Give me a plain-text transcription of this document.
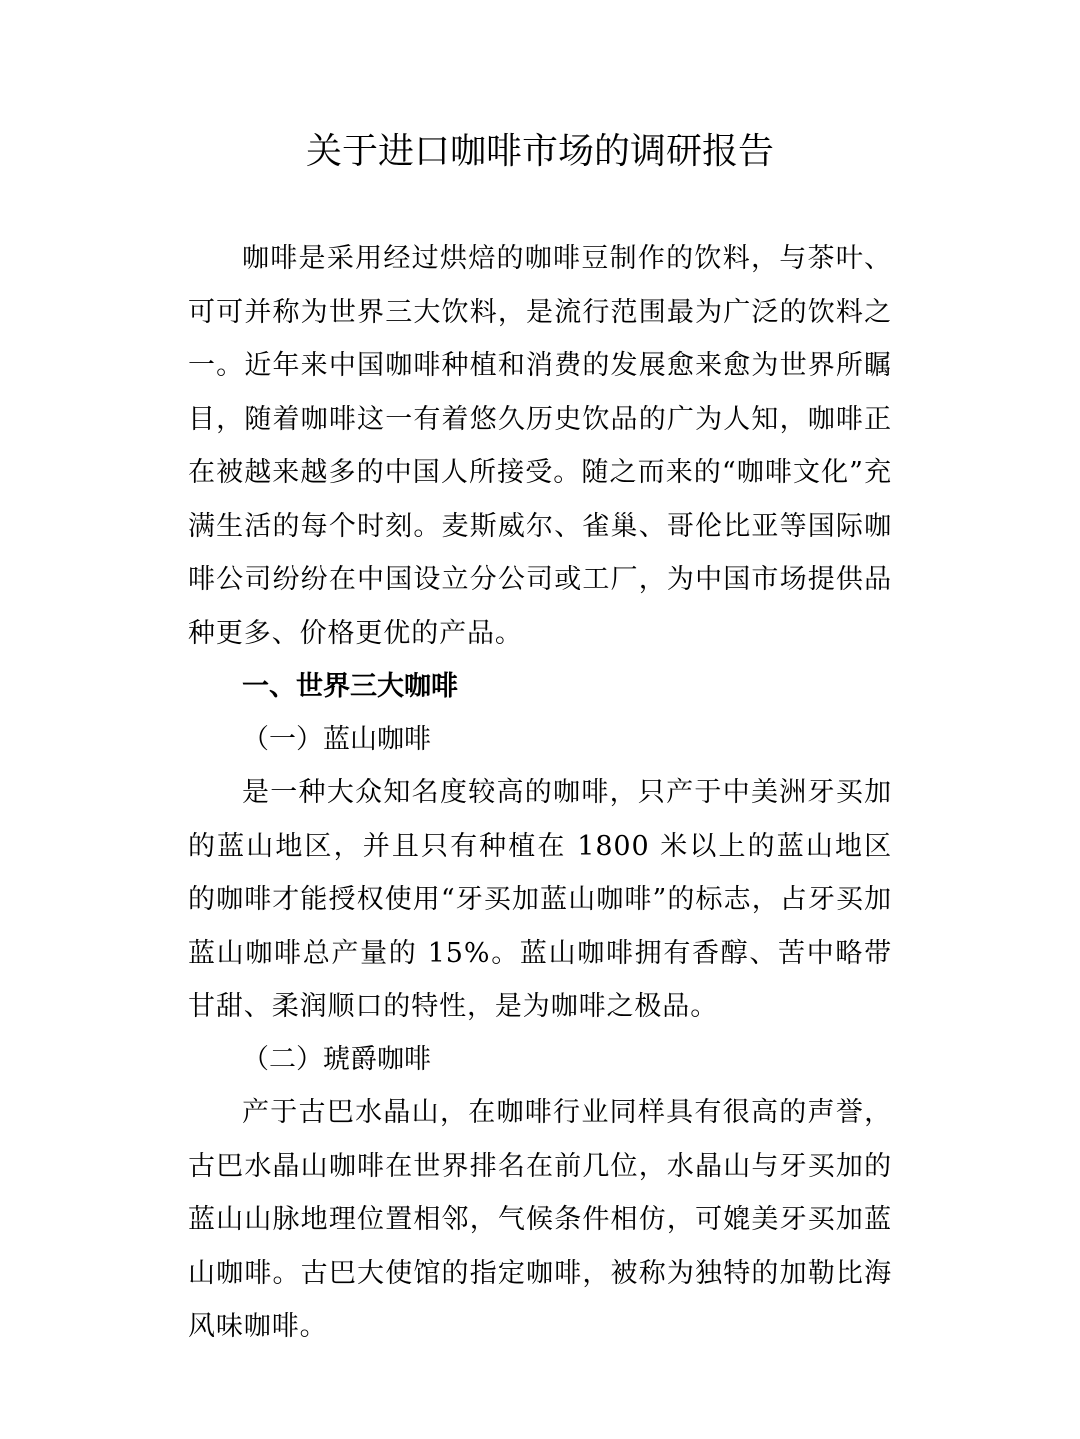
关于进口咖啡市场的调研报告

咖啡是采用经过烘焙的咖啡豆制作的饮料，与茶叶、可可并称为世界三大饮料，是流行范围最为广泛的饮料之一。近年来中国咖啡种植和消费的发展愈来愈为世界所瞩目，随着咖啡这一有着悠久历史饮品的广为人知，咖啡正在被越来越多的中国人所接受。随之而来的“咖啡文化”充满生活的每个时刻。麦斯威尔、雀巢、哥伦比亚等国际咖啡公司纷纷在中国设立分公司或工厂，为中国市场提供品种更多、价格更优的产品。

一、世界三大咖啡
（一）蓝山咖啡

是一种大众知名度较高的咖啡，只产于中美洲牙买加的蓝山地区，并且只有种植在 1800 米以上的蓝山地区的咖啡才能授权使用“牙买加蓝山咖啡”的标志，占牙买加蓝山咖啡总产量的 15%。蓝山咖啡拥有香醇、苦中略带甘甜、柔润顺口的特性，是为咖啡之极品。

（二）琥爵咖啡

产于古巴水晶山，在咖啡行业同样具有很高的声誉，古巴水晶山咖啡在世界排名在前几位，水晶山与牙买加的蓝山山脉地理位置相邻，气候条件相仿，可媲美牙买加蓝山咖啡。古巴大使馆的指定咖啡，被称为独特的加勒比海风味咖啡。
